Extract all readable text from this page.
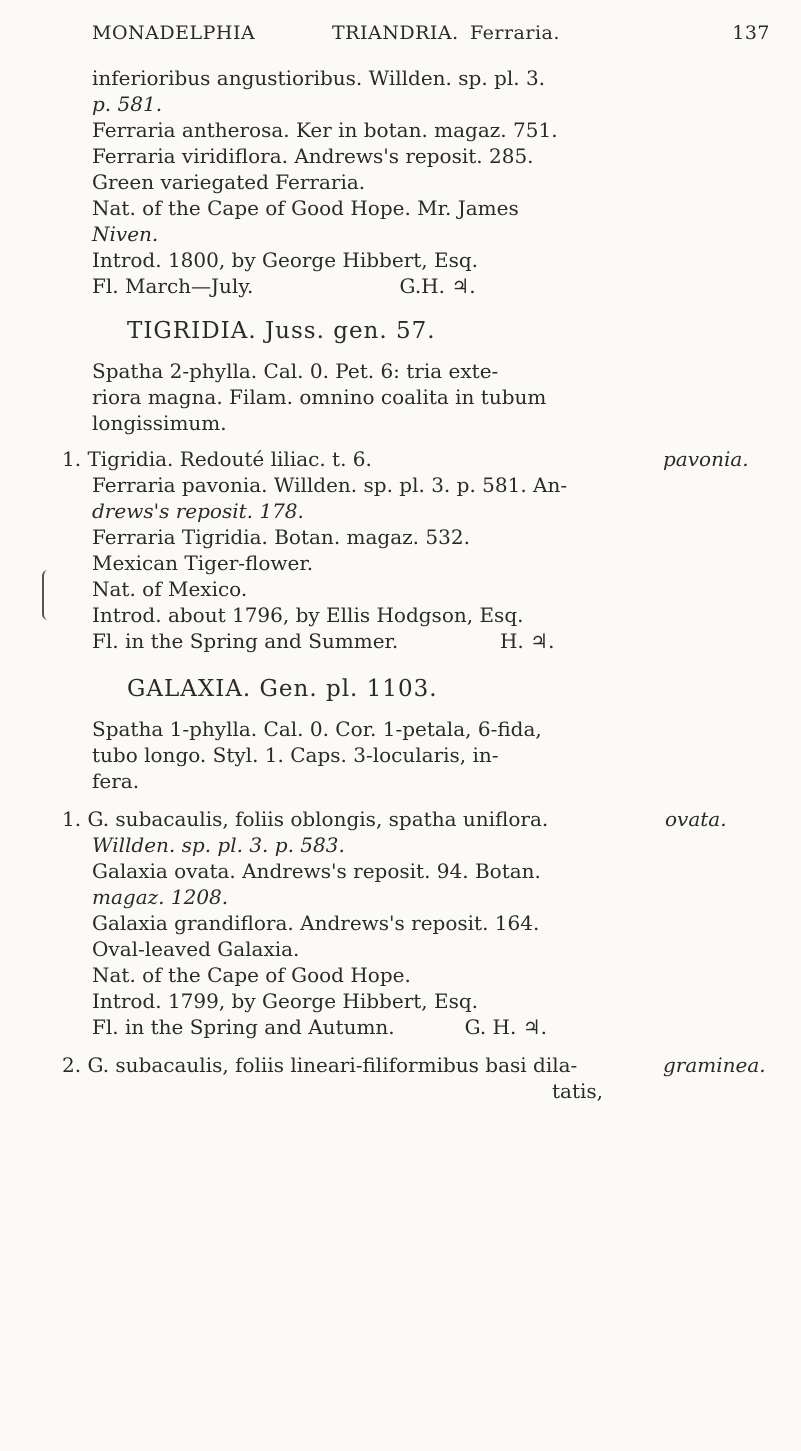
MONADELPHIA	TRIANDRIA. Ferraria.	137
inferioribus angustioribus. Willden. sp. pl. 3.
p. 581.
Ferraria antherosa. Ker in botan. magaz. 751.
Ferraria viridiflora. Andrews's reposit. 285.
Green variegated Ferraria.
Nat. of the Cape of Good Hope. Mr. James
Niven.
Introd. 1800, by George Hibbert, Esq.
Fl. March—July.                       G.H. ♃.
TIGRIDIA. Juss. gen. 57.
Spatha 2-phylla. Cal. 0. Pet. 6: tria exte-
riora magna. Filam. omnino coalita in tubum
longissimum.
1. Tigridia. Redouté liliac. t. 6.	pavonia.
Ferraria pavonia. Willden. sp. pl. 3. p. 581. An-
drews's reposit. 178.
Ferraria Tigridia. Botan. magaz. 532.
Mexican Tiger-flower.
Nat. of Mexico.
Introd. about 1796, by Ellis Hodgson, Esq.
Fl. in the Spring and Summer.                H. ♃.
GALAXIA. Gen. pl. 1103.
Spatha 1-phylla. Cal. 0. Cor. 1-petala, 6-fida,
tubo longo. Styl. 1. Caps. 3-locularis, in-
fera.
1. G. subacaulis, foliis oblongis, spatha uniflora.	ovata.
Willden. sp. pl. 3. p. 583.
Galaxia ovata. Andrews's reposit. 94. Botan.
magaz. 1208.
Galaxia grandiflora. Andrews's reposit. 164.
Oval-leaved Galaxia.
Nat. of the Cape of Good Hope.
Introd. 1799, by George Hibbert, Esq.
Fl. in the Spring and Autumn.           G. H. ♃.
2. G. subacaulis, foliis lineari-filiformibus basi dila-	graminea.
tatis,
